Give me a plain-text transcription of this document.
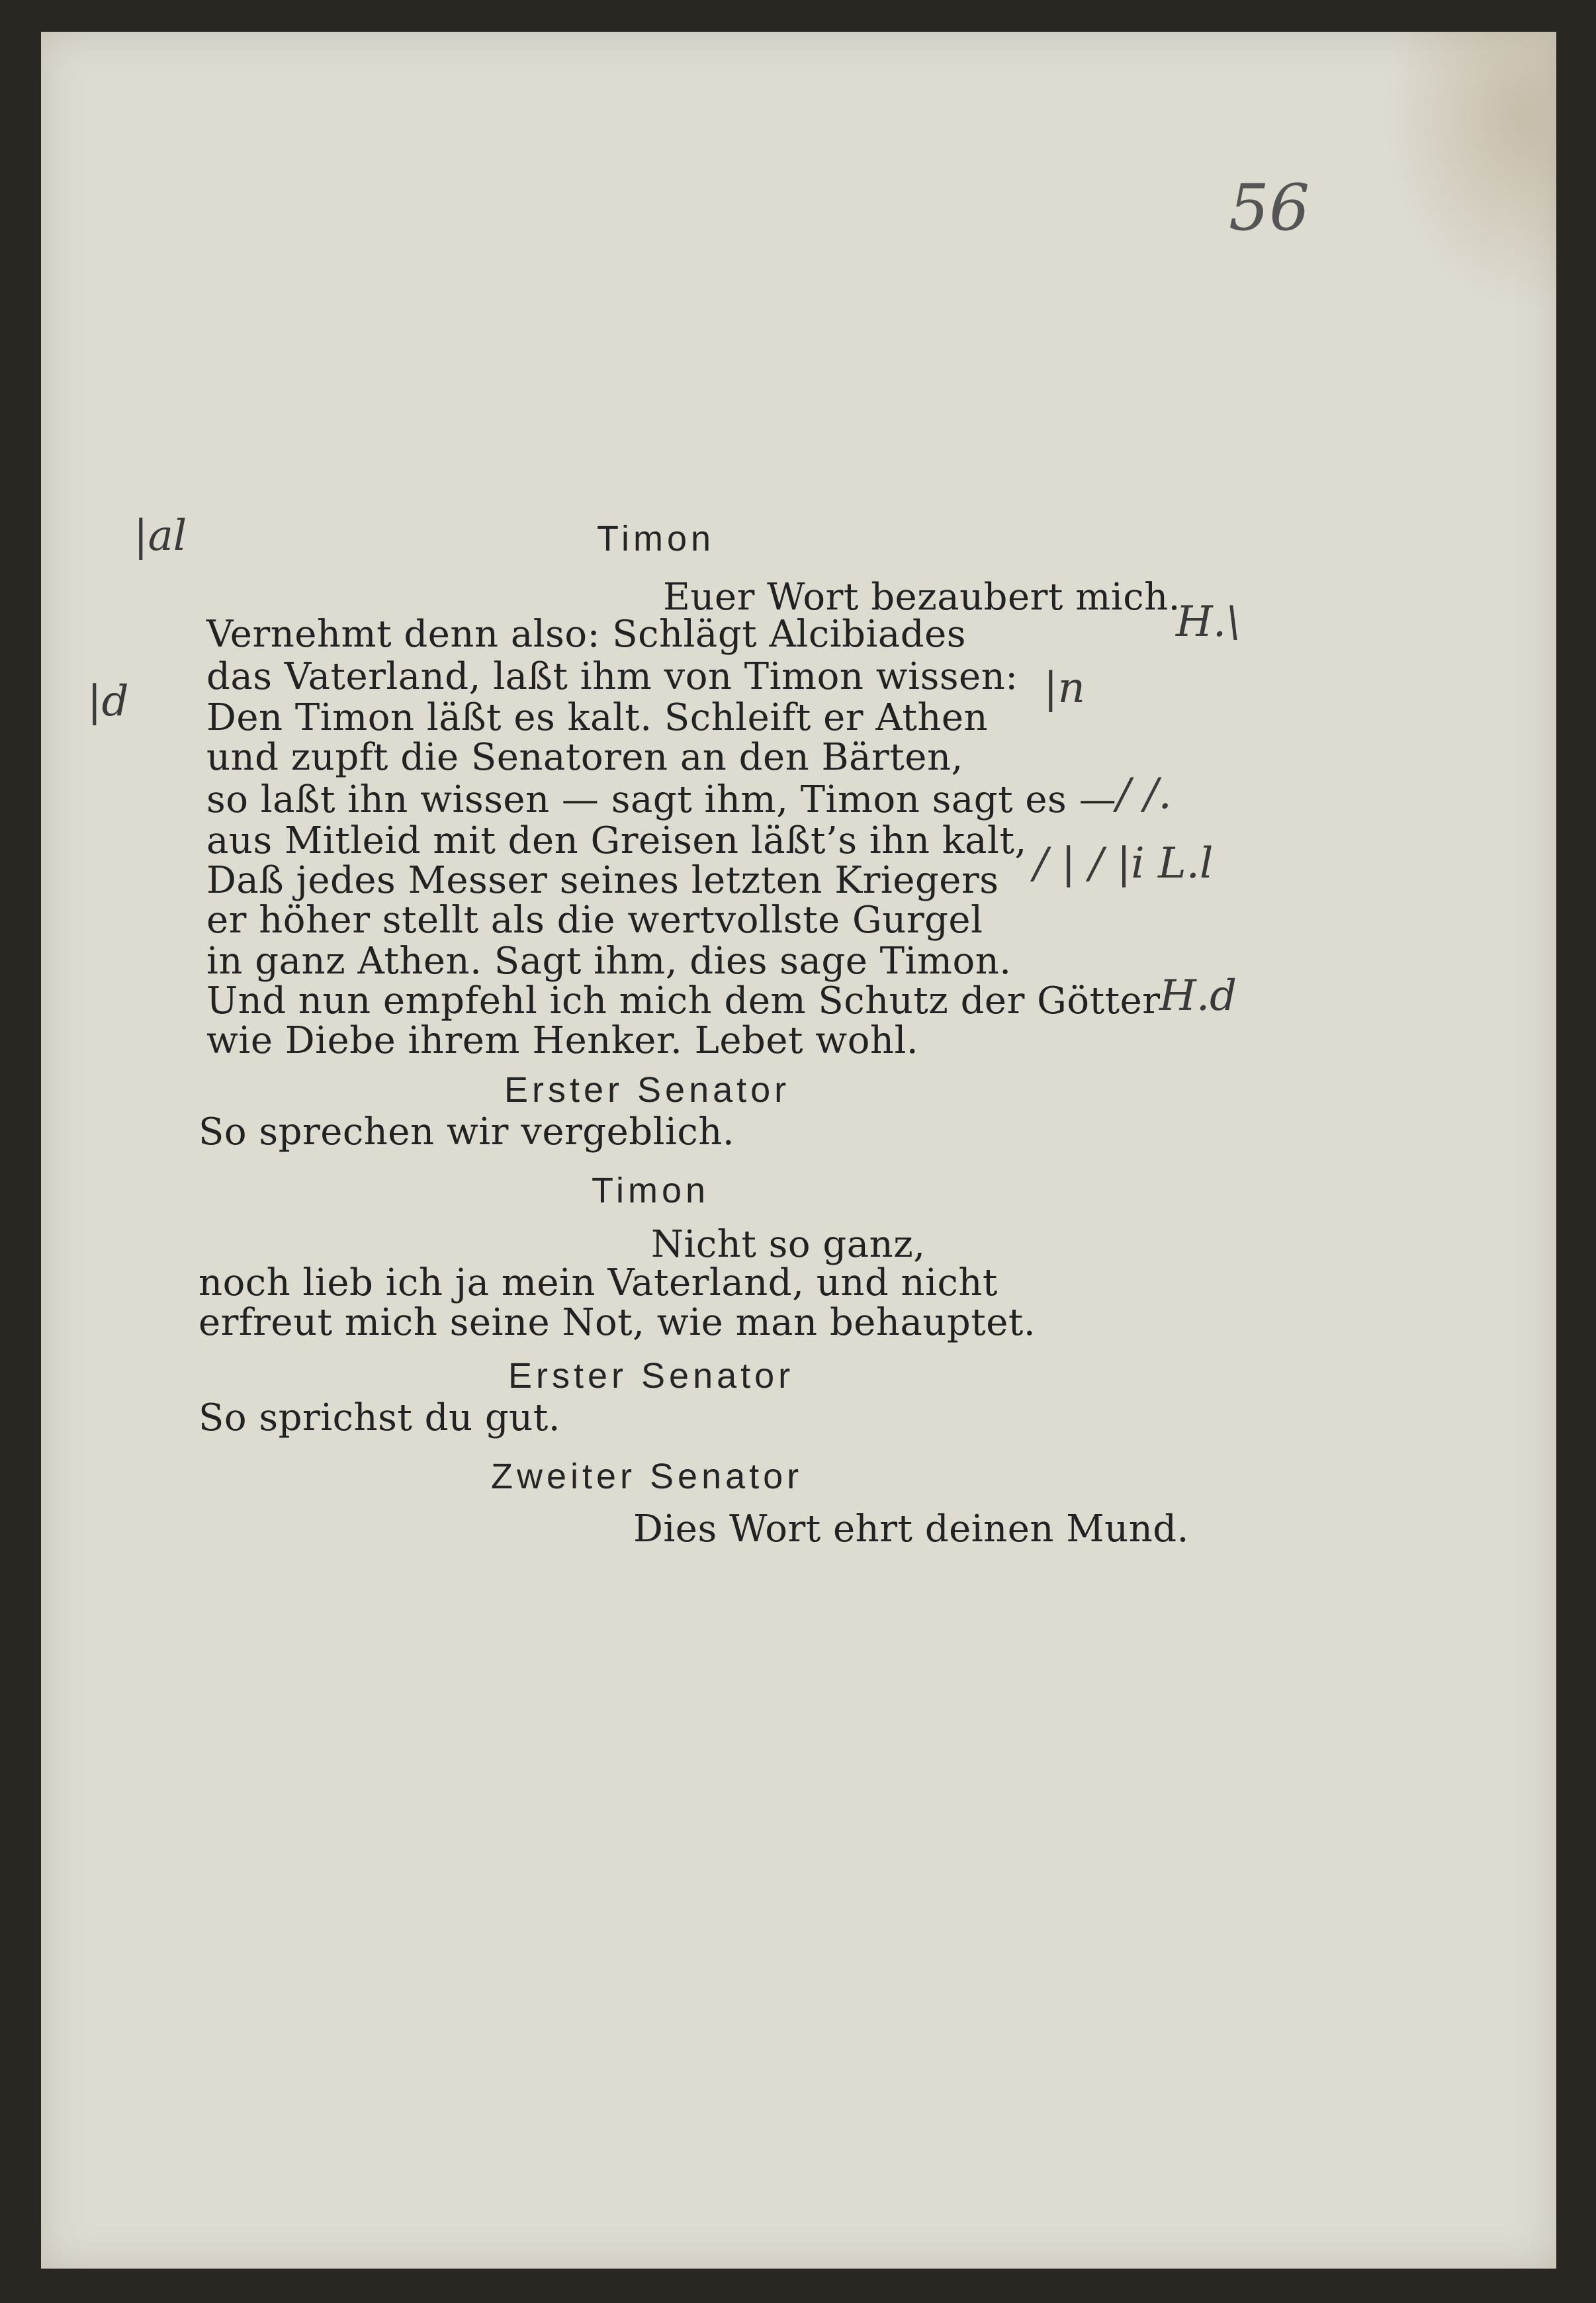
56
|al
|d
H.\
|n
/ /.
/ | / |i L.l
H.d
Timon
Euer Wort bezaubert mich.
Vernehmt denn also: Schlägt Alcibiades
das Vaterland, laßt ihm von Timon wissen:
Den Timon läßt es kalt. Schleift er Athen
und zupft die Senatoren an den Bärten,
so laßt ihn wissen — sagt ihm, Timon sagt es —
aus Mitleid mit den Greisen läßt’s ihn kalt,
Daß jedes Messer seines letzten Kriegers
er höher stellt als die wertvollste Gurgel
in ganz Athen. Sagt ihm, dies sage Timon.
Und nun empfehl ich mich dem Schutz der Götter
wie Diebe ihrem Henker. Lebet wohl.
Erster Senator
So sprechen wir vergeblich.
Timon
Nicht so ganz,
noch lieb ich ja mein Vaterland, und nicht
erfreut mich seine Not, wie man behauptet.
Erster Senator
So sprichst du gut.
Zweiter Senator
Dies Wort ehrt deinen Mund.
